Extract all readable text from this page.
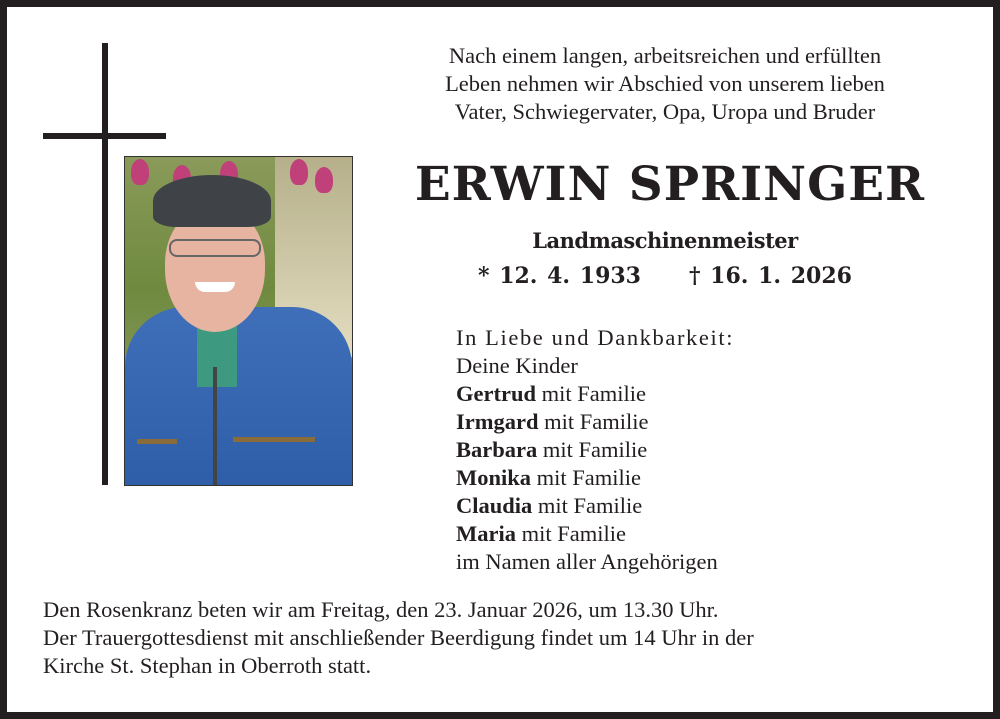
Nach einem langen, arbeitsreichen und erfüllten
Leben nehmen wir Abschied von unserem lieben
Vater, Schwiegervater, Opa, Uropa und Bruder
ERWIN SPRINGER
Landmaschinenmeister
* 12. 4. 1933 † 16. 1. 2026
In Liebe und Dankbarkeit:
Deine Kinder
Gertrud mit Familie
Irmgard mit Familie
Barbara mit Familie
Monika mit Familie
Claudia mit Familie
Maria mit Familie
im Namen aller Angehörigen
Den Rosenkranz beten wir am Freitag, den 23. Januar 2026, um 13.30 Uhr.
Der Trauergottesdienst mit anschließender Beerdigung findet um 14 Uhr in der
Kirche St. Stephan in Oberroth statt.
